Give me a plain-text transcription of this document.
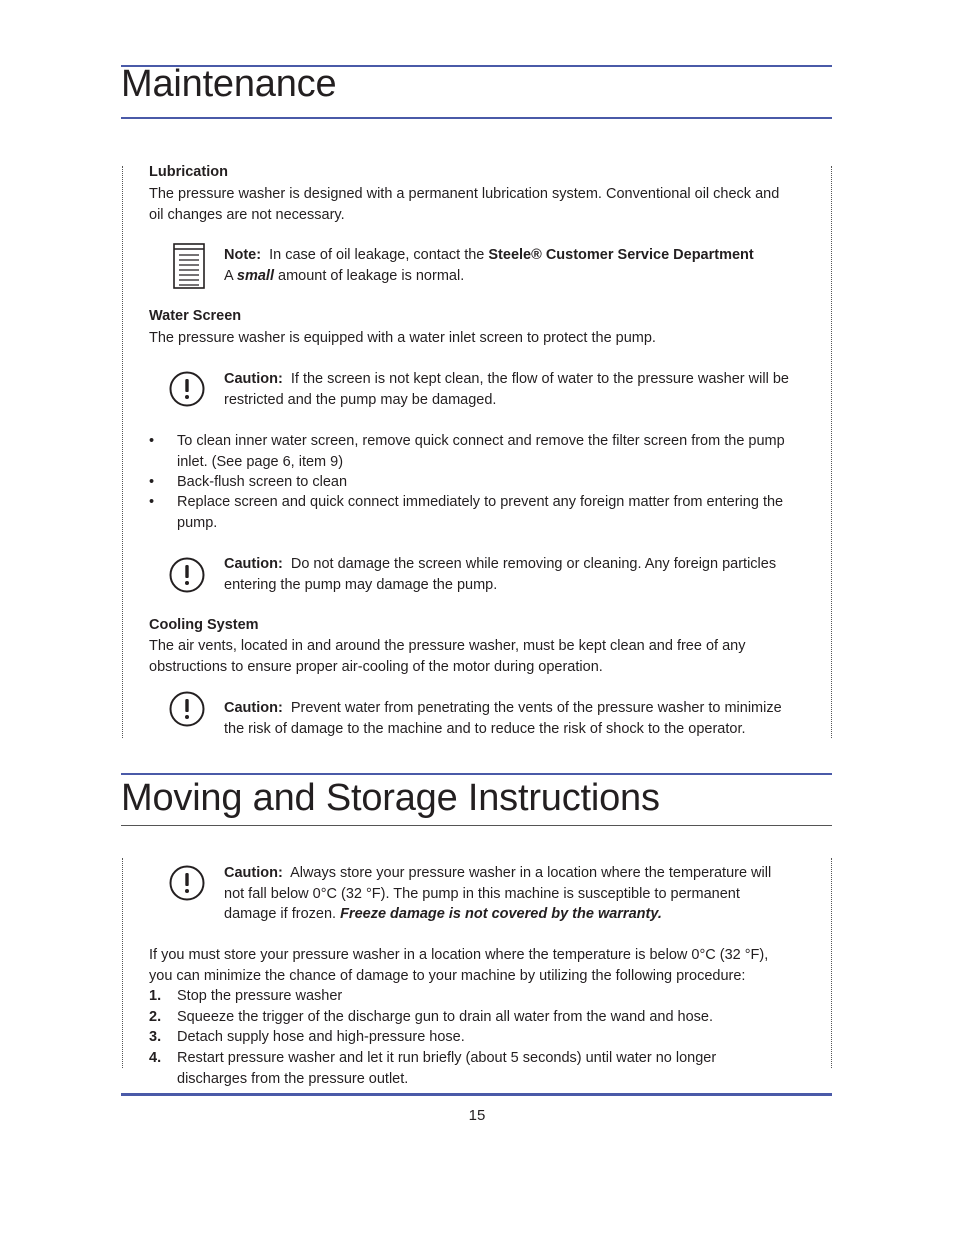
Maintenance
Lubrication
The pressure washer is designed with a permanent lubrication system. Conventional oil check and oil changes are not necessary.
Note: In case of oil leakage, contact the Steele® Customer Service Department
A small amount of leakage is normal.
Water Screen
The pressure washer is equipped with a water inlet screen to protect the pump.
Caution: If the screen is not kept clean, the flow of water to the pressure washer will be restricted and the pump may be damaged.
• To clean inner water screen, remove quick connect and remove the filter screen from the pump inlet. (See page 6, item 9)
• Back-flush screen to clean
• Replace screen and quick connect immediately to prevent any foreign matter from entering the pump.
Caution: Do not damage the screen while removing or cleaning. Any foreign particles entering the pump may damage the pump.
Cooling System
The air vents, located in and around the pressure washer, must be kept clean and free of any obstructions to ensure proper air-cooling of the motor during operation.
Caution: Prevent water from penetrating the vents of the pressure washer to minimize the risk of damage to the machine and to reduce the risk of shock to the operator.
Moving and Storage Instructions
Caution: Always store your pressure washer in a location where the temperature will not fall below 0°C (32 °F). The pump in this machine is susceptible to permanent damage if frozen. Freeze damage is not covered by the warranty.
If you must store your pressure washer in a location where the temperature is below 0°C (32 °F), you can minimize the chance of damage to your machine by utilizing the following procedure:
1. Stop the pressure washer
2. Squeeze the trigger of the discharge gun to drain all water from the wand and hose.
3. Detach supply hose and high-pressure hose.
4. Restart pressure washer and let it run briefly (about 5 seconds) until water no longer discharges from the pressure outlet.
15
